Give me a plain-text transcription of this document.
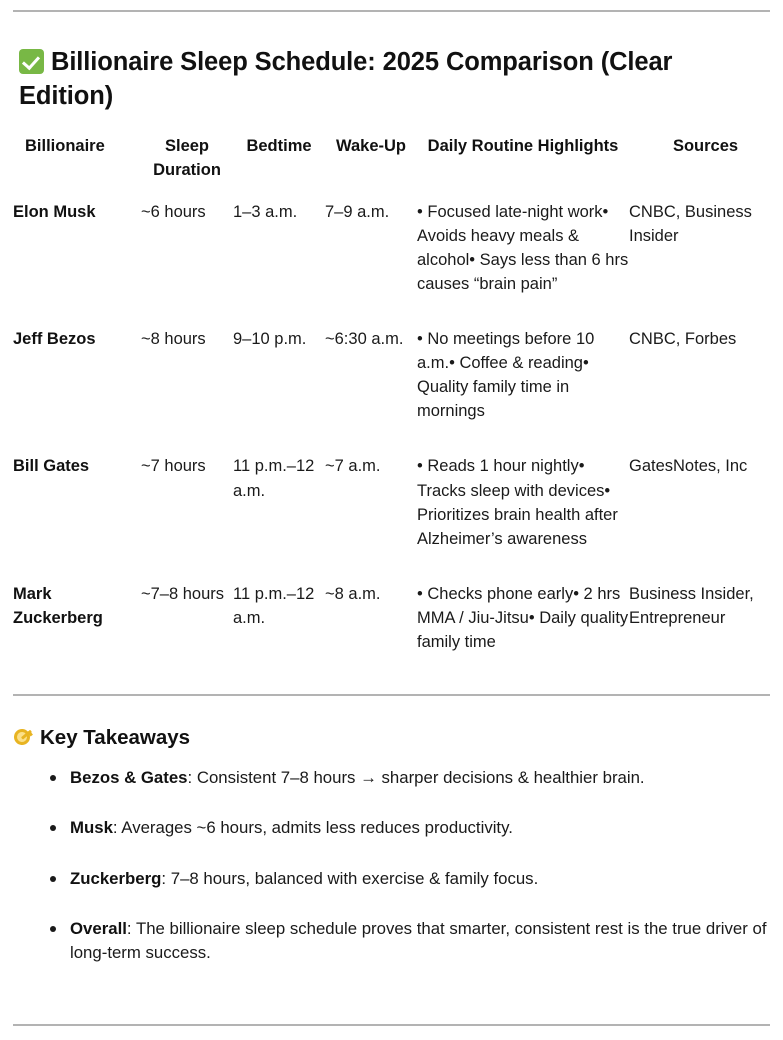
Billionaire Sleep Schedule: 2025 Comparison (Clear Edition)
Billionaire	Sleep Duration	Bedtime	Wake-Up	Daily Routine Highlights	Sources
Elon Musk	~6 hours	1–3 a.m.	7–9 a.m.	• Focused late-night work• Avoids heavy meals & alcohol• Says less than 6 hrs causes “brain pain”	CNBC, Business Insider
Jeff Bezos	~8 hours	9–10 p.m.	~6:30 a.m.	• No meetings before 10 a.m.• Coffee & reading• Quality family time in mornings	CNBC, Forbes
Bill Gates	~7 hours	11 p.m.–12 a.m.	~7 a.m.	• Reads 1 hour nightly• Tracks sleep with devices• Prioritizes brain health after Alzheimer’s awareness	GatesNotes, Inc
Mark Zuckerberg	~7–8 hours	11 p.m.–12 a.m.	~8 a.m.	• Checks phone early• 2 hrs MMA / Jiu-Jitsu• Daily quality family time	Business Insider, Entrepreneur
Key Takeaways
Bezos & Gates: Consistent 7–8 hours → sharper decisions & healthier brain.
Musk: Averages ~6 hours, admits less reduces productivity.
Zuckerberg: 7–8 hours, balanced with exercise & family focus.
Overall: The billionaire sleep schedule proves that smarter, consistent rest is the true driver of long-term success.
